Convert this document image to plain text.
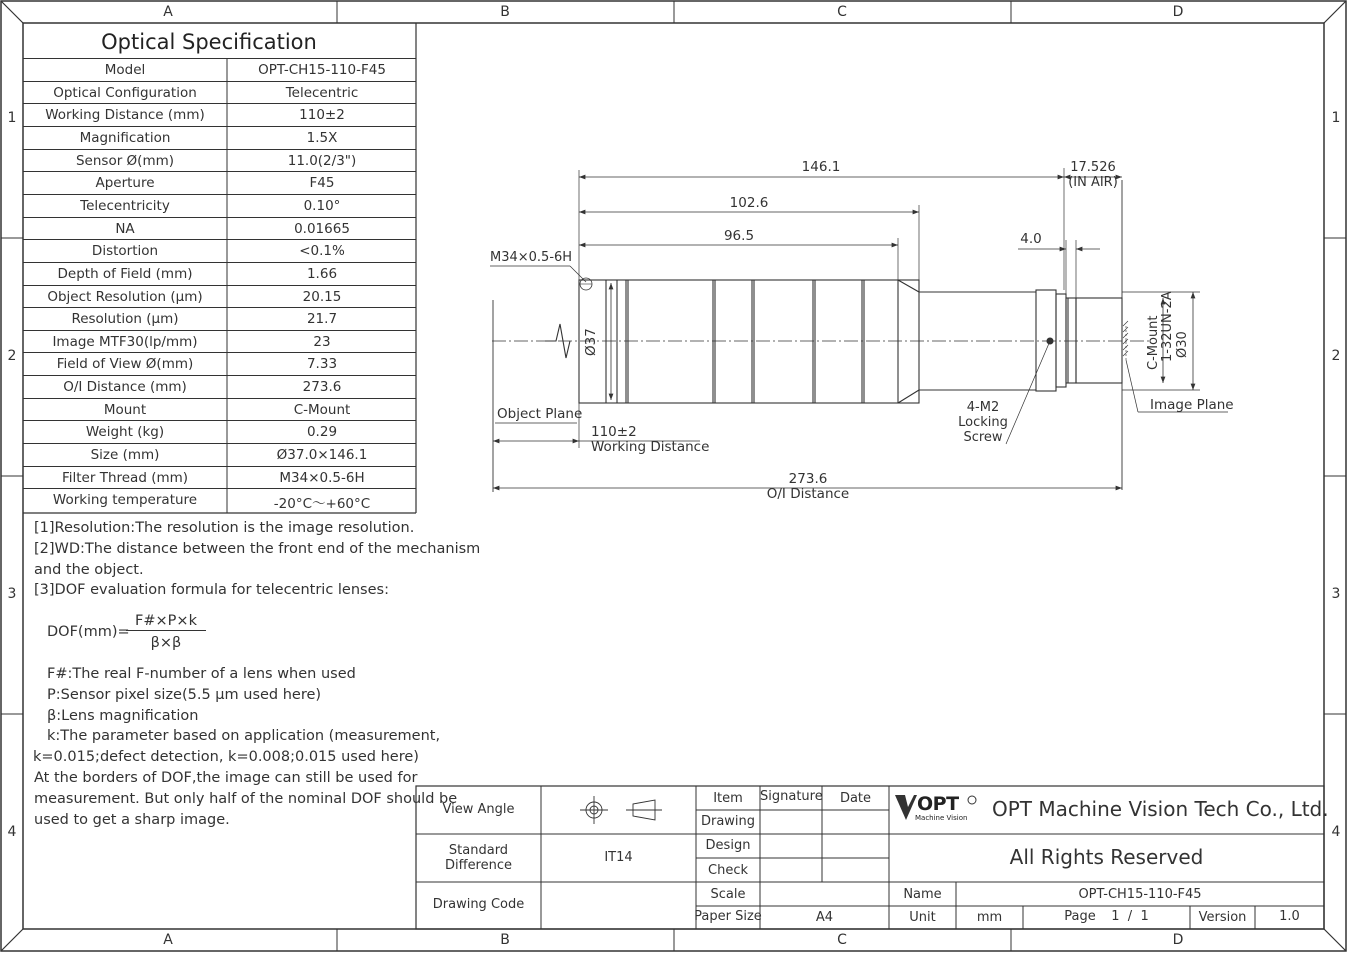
A	B	C	D
A	B	C	D
1
2
3
4
1
2
3
4
Optical Specification
Model	OPT-CH15-110-F45
Optical Configuration	Telecentric
Working Distance (mm)	110±2
Magnification	1.5X
Sensor Ø(mm)	11.0(2/3")
Aperture	F45
Telecentricity	0.10°
NA	0.01665
Distortion	<0.1%
Depth of Field (mm)	1.66
Object Resolution (μm)	20.15
Resolution (μm)	21.7
Image MTF30(lp/mm)	23
Field of View Ø(mm)	7.33
O/I Distance (mm)	273.6
Mount	C-Mount
Weight (kg)	0.29
Size (mm)	Ø37.0×146.1
Filter Thread (mm)	M34×0.5-6H
Working temperature	-20°C～+60°C
[1]Resolution:The resolution is the image resolution.
[2]WD:The distance between the front end of the mechanism
and the object.
[3]DOF evaluation formula for telecentric lenses:
DOF(mm)=
F#×P×k
β×β
F#:The real F-number of a lens when used
P:Sensor pixel size(5.5 μm used here)
β:Lens magnification
k:The parameter based on application (measurement,
k=0.015;defect detection, k=0.008;0.015 used here)
At the borders of DOF,the image can still be used for
measurement. But only half of the nominal DOF should be
used to get a sharp image.
146.1	17.526
(IN AIR)
102.6
96.5	4.0
M34×0.5-6H
Ø37	C-Mount 1-32UN-2A Ø30
4-M2
Locking
Screw
Image Plane
Object Plane
110±2
Working Distance
273.6
O/I Distance
View Angle
Standard
Difference
IT14
Drawing Code
Item	Signature	Date
Drawing
Design
Check
Scale
Paper Size	A4
OPT
Machine Vision OPT Machine Vision Tech Co., Ltd.
All Rights Reserved
Name	OPT-CH15-110-F45
Unit	mm	Page	1  /  1	Version	1.0
